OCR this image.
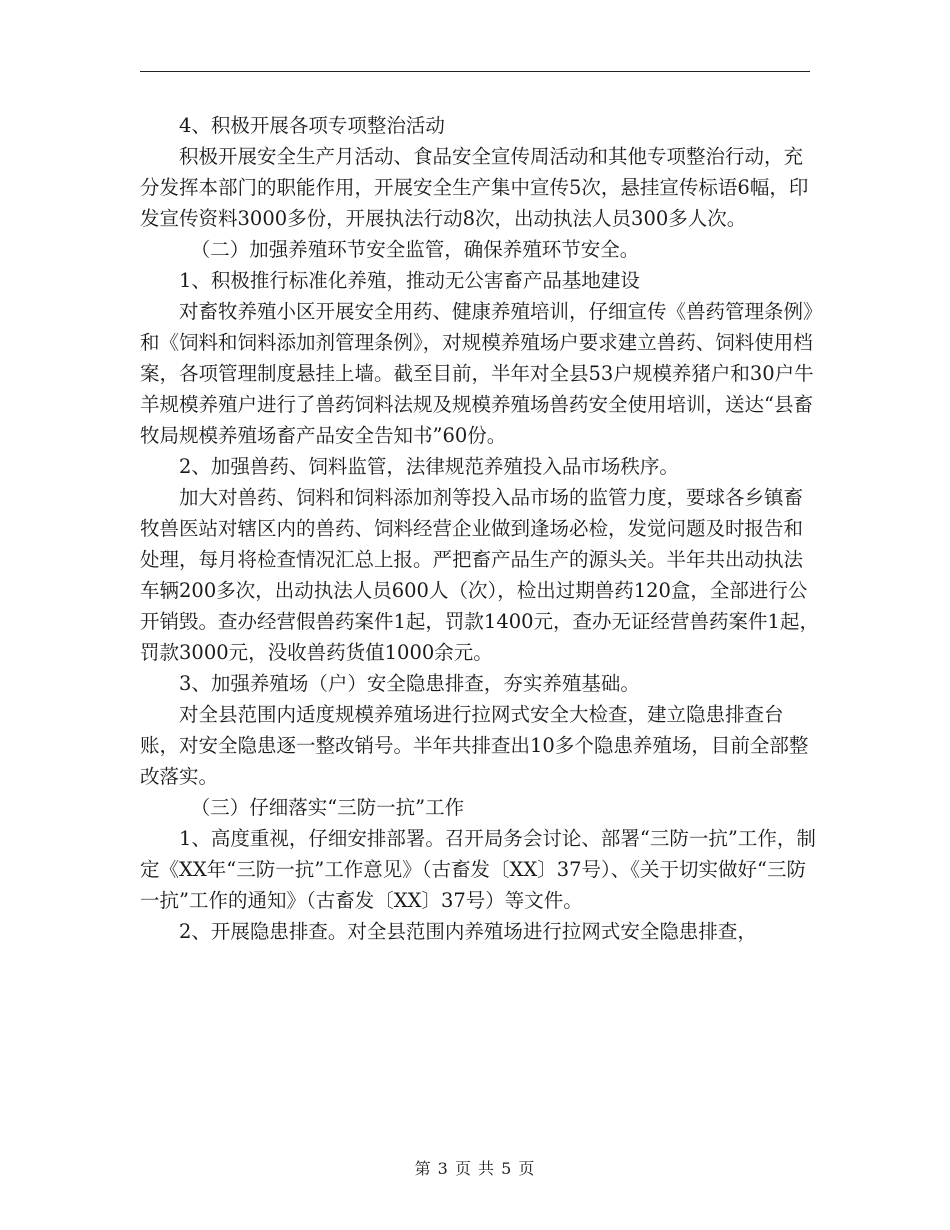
4、积极开展各项专项整治活动

积极开展安全生产月活动、食品安全宣传周活动和其他专项整治行动，充分发挥本部门的职能作用，开展安全生产集中宣传5次，悬挂宣传标语6幅，印发宣传资料3000多份，开展执法行动8次，出动执法人员300多人次。

（二）加强养殖环节安全监管，确保养殖环节安全。

1、积极推行标准化养殖，推动无公害畜产品基地建设

对畜牧养殖小区开展安全用药、健康养殖培训，仔细宣传《兽药管理条例》和《饲料和饲料添加剂管理条例》，对规模养殖场户要求建立兽药、饲料使用档案，各项管理制度悬挂上墙。截至目前，半年对全县53户规模养猪户和30户牛羊规模养殖户进行了兽药饲料法规及规模养殖场兽药安全使用培训，送达“县畜牧局规模养殖场畜产品安全告知书”60份。

2、加强兽药、饲料监管，法律规范养殖投入品市场秩序。

加大对兽药、饲料和饲料添加剂等投入品市场的监管力度，要球各乡镇畜牧兽医站对辖区内的兽药、饲料经营企业做到逢场必检，发觉问题及时报告和处理，每月将检查情况汇总上报。严把畜产品生产的源头关。半年共出动执法车辆200多次，出动执法人员600人（次），检出过期兽药120盒，全部进行公开销毁。查办经营假兽药案件1起，罚款1400元，查办无证经营兽药案件1起，罚款3000元，没收兽药货值1000余元。

3、加强养殖场（户）安全隐患排查，夯实养殖基础。

对全县范围内适度规模养殖场进行拉网式安全大检查，建立隐患排查台账，对安全隐患逐一整改销号。半年共排查出10多个隐患养殖场，目前全部整改落实。

（三）仔细落实“三防一抗”工作

1、高度重视，仔细安排部署。召开局务会讨论、部署“三防一抗”工作，制定《XX年“三防一抗”工作意见》（古畜发〔XX〕37号）、《关于切实做好“三防一抗”工作的通知》（古畜发〔XX〕37号）等文件。

2、开展隐患排查。对全县范围内养殖场进行拉网式安全隐患排查，

第 3 页 共 5 页
